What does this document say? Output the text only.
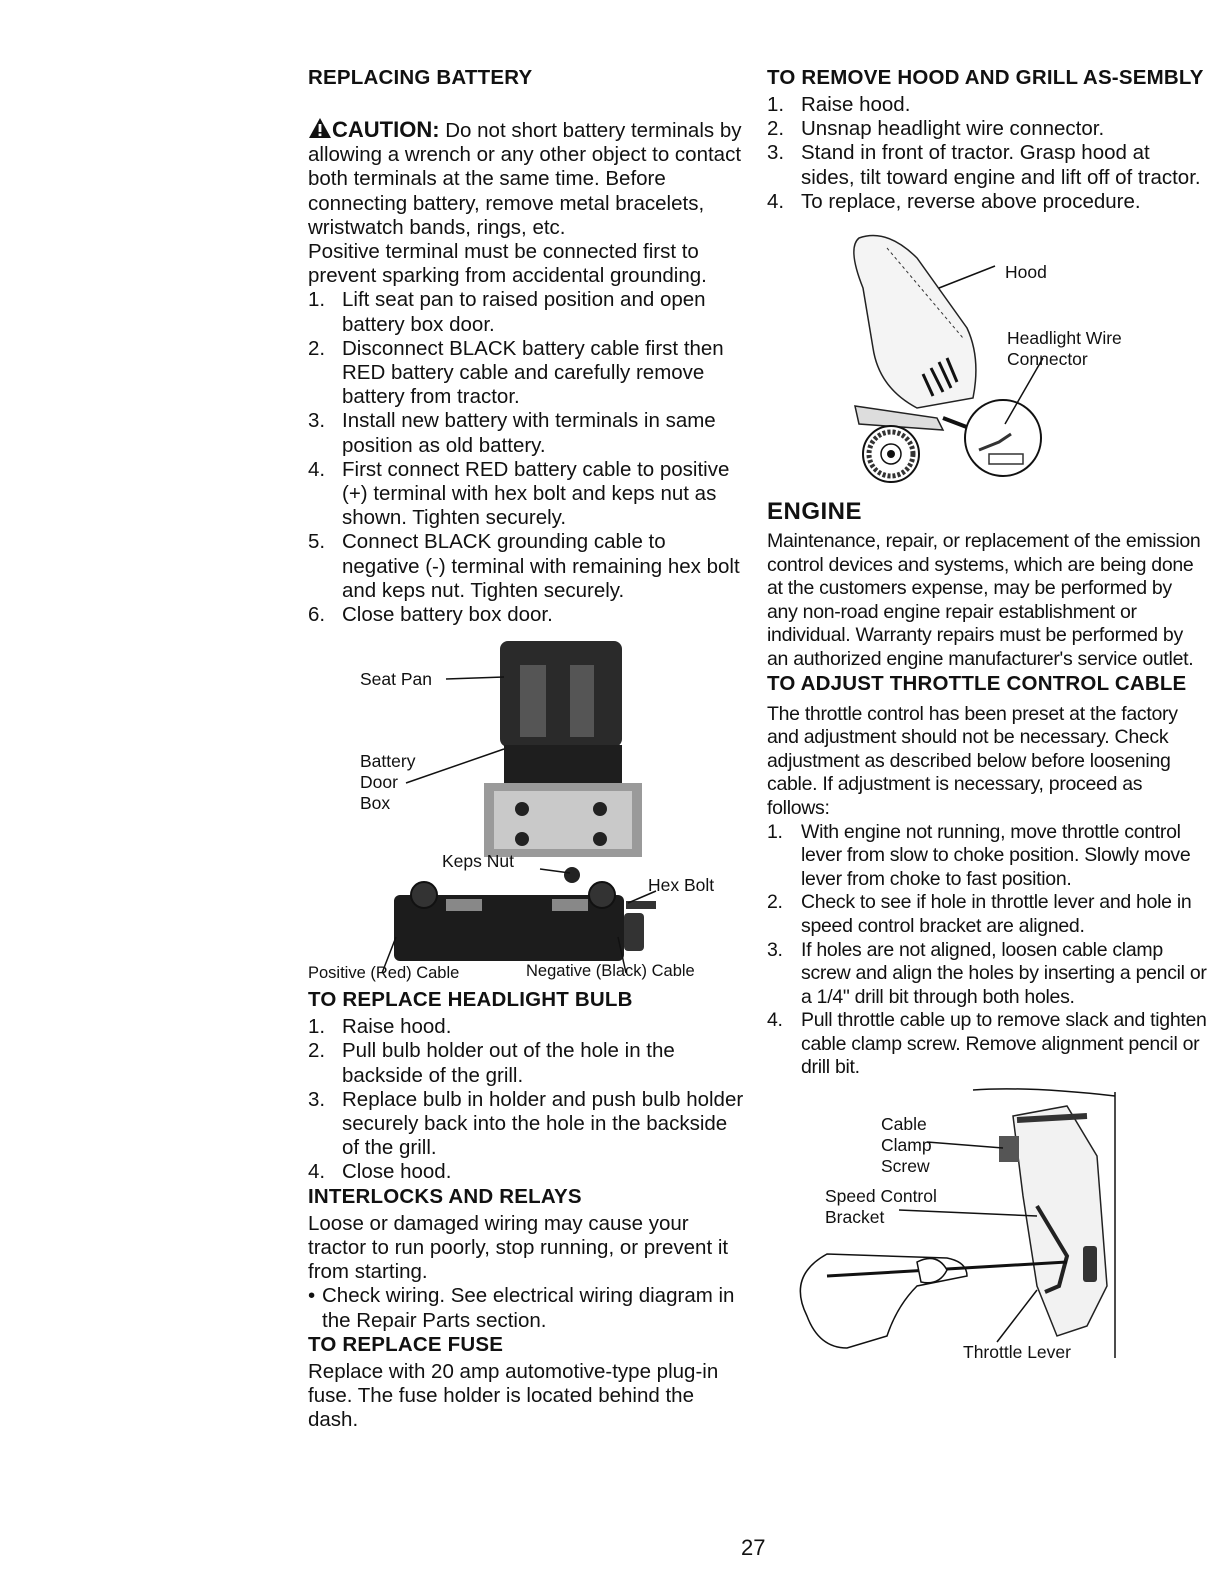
REPLACING BATTERY

CAUTION: Do not short battery terminals by allowing a wrench or any other object to contact both terminals at the same time. Before connecting battery, remove metal bracelets, wristwatch bands, rings, etc.

Positive terminal must be connected first to prevent sparking from accidental grounding.

1. Lift seat pan to raised position and open battery box door.
2. Disconnect BLACK battery cable first then RED battery cable and carefully remove battery from tractor.
3. Install new battery with terminals in same position as old battery.
4. First connect RED battery cable to positive (+) terminal with hex bolt and keps nut as shown. Tighten securely.
5. Connect BLACK grounding cable to negative (-) terminal with remaining hex bolt and keps nut. Tighten securely.
6. Close battery box door.
Seat Pan
Battery
Door
Box
Keps Nut
Hex Bolt
Positive (Red) Cable	Negative (Black) Cable
TO REPLACE HEADLIGHT BULB
1. Raise hood.
2. Pull bulb holder out of the hole in the backside of the grill.
3. Replace bulb in holder and push bulb holder securely back into the hole in the backside of the grill.
4. Close hood.
INTERLOCKS AND RELAYS

Loose or damaged wiring may cause your tractor to run poorly, stop running, or prevent it from starting.

• Check wiring. See electrical wiring diagram in the Repair Parts section.
TO REPLACE FUSE

Replace with 20 amp automotive-type plug-in fuse. The fuse holder is located behind the dash.

TO REMOVE HOOD AND GRILL AS-SEMBLY
1. Raise hood.
2. Unsnap headlight wire connector.
3. Stand in front of tractor. Grasp hood at sides, tilt toward engine and lift off of tractor.
4. To replace, reverse above procedure.
Hood
Headlight Wire
Connector
ENGINE

Maintenance, repair, or replacement of the emission control devices and systems, which are being done at the customers expense, may be performed by any non-road engine repair establishment or individual. Warranty repairs must be performed by an authorized engine manufacturer's service outlet.

TO ADJUST THROTTLE CONTROL CABLE

The throttle control has been preset at the factory and adjustment should not be necessary. Check adjustment as described below before loosening cable. If adjustment is necessary, proceed as follows:

1. With engine not running, move throttle control lever from slow to choke position. Slowly move lever from choke to fast position.
2. Check to see if hole in throttle lever and hole in speed control bracket are aligned.
3. If holes are not aligned, loosen cable clamp screw and align the holes by inserting a pencil or a 1/4" drill bit through both holes.
4. Pull throttle cable up to remove slack and tighten cable clamp screw. Remove alignment pencil or drill bit.
Cable
Clamp
Screw
Speed Control
Bracket
Throttle Lever
27
